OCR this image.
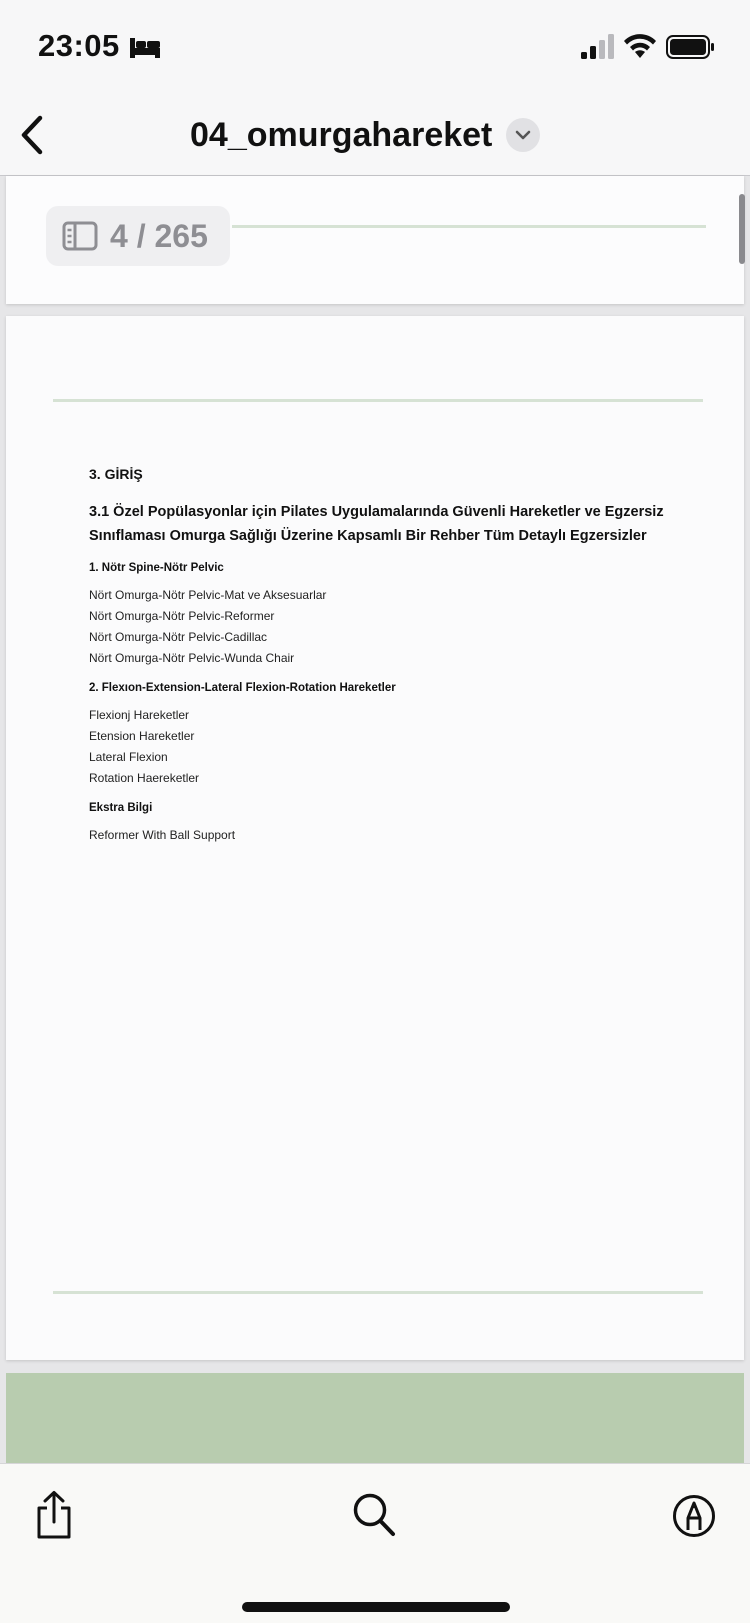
23:05
04_omurgahareket
4 / 265
3. GİRİŞ
3.1 Özel Popülasyonlar için Pilates Uygulamalarında Güvenli Hareketler ve Egzersiz Sınıflaması Omurga Sağlığı Üzerine Kapsamlı Bir Rehber Tüm Detaylı Egzersizler
1. Nötr Spine-Nötr Pelvic
Nört Omurga-Nötr Pelvic-Mat ve Aksesuarlar
Nört Omurga-Nötr Pelvic-Reformer
Nört Omurga-Nötr Pelvic-Cadillac
Nört Omurga-Nötr Pelvic-Wunda Chair
2. Flexıon-Extension-Lateral Flexion-Rotation Hareketler
Flexionj Hareketler
Etension Hareketler
Lateral Flexion
Rotation Haereketler
Ekstra Bilgi
Reformer With Ball Support
